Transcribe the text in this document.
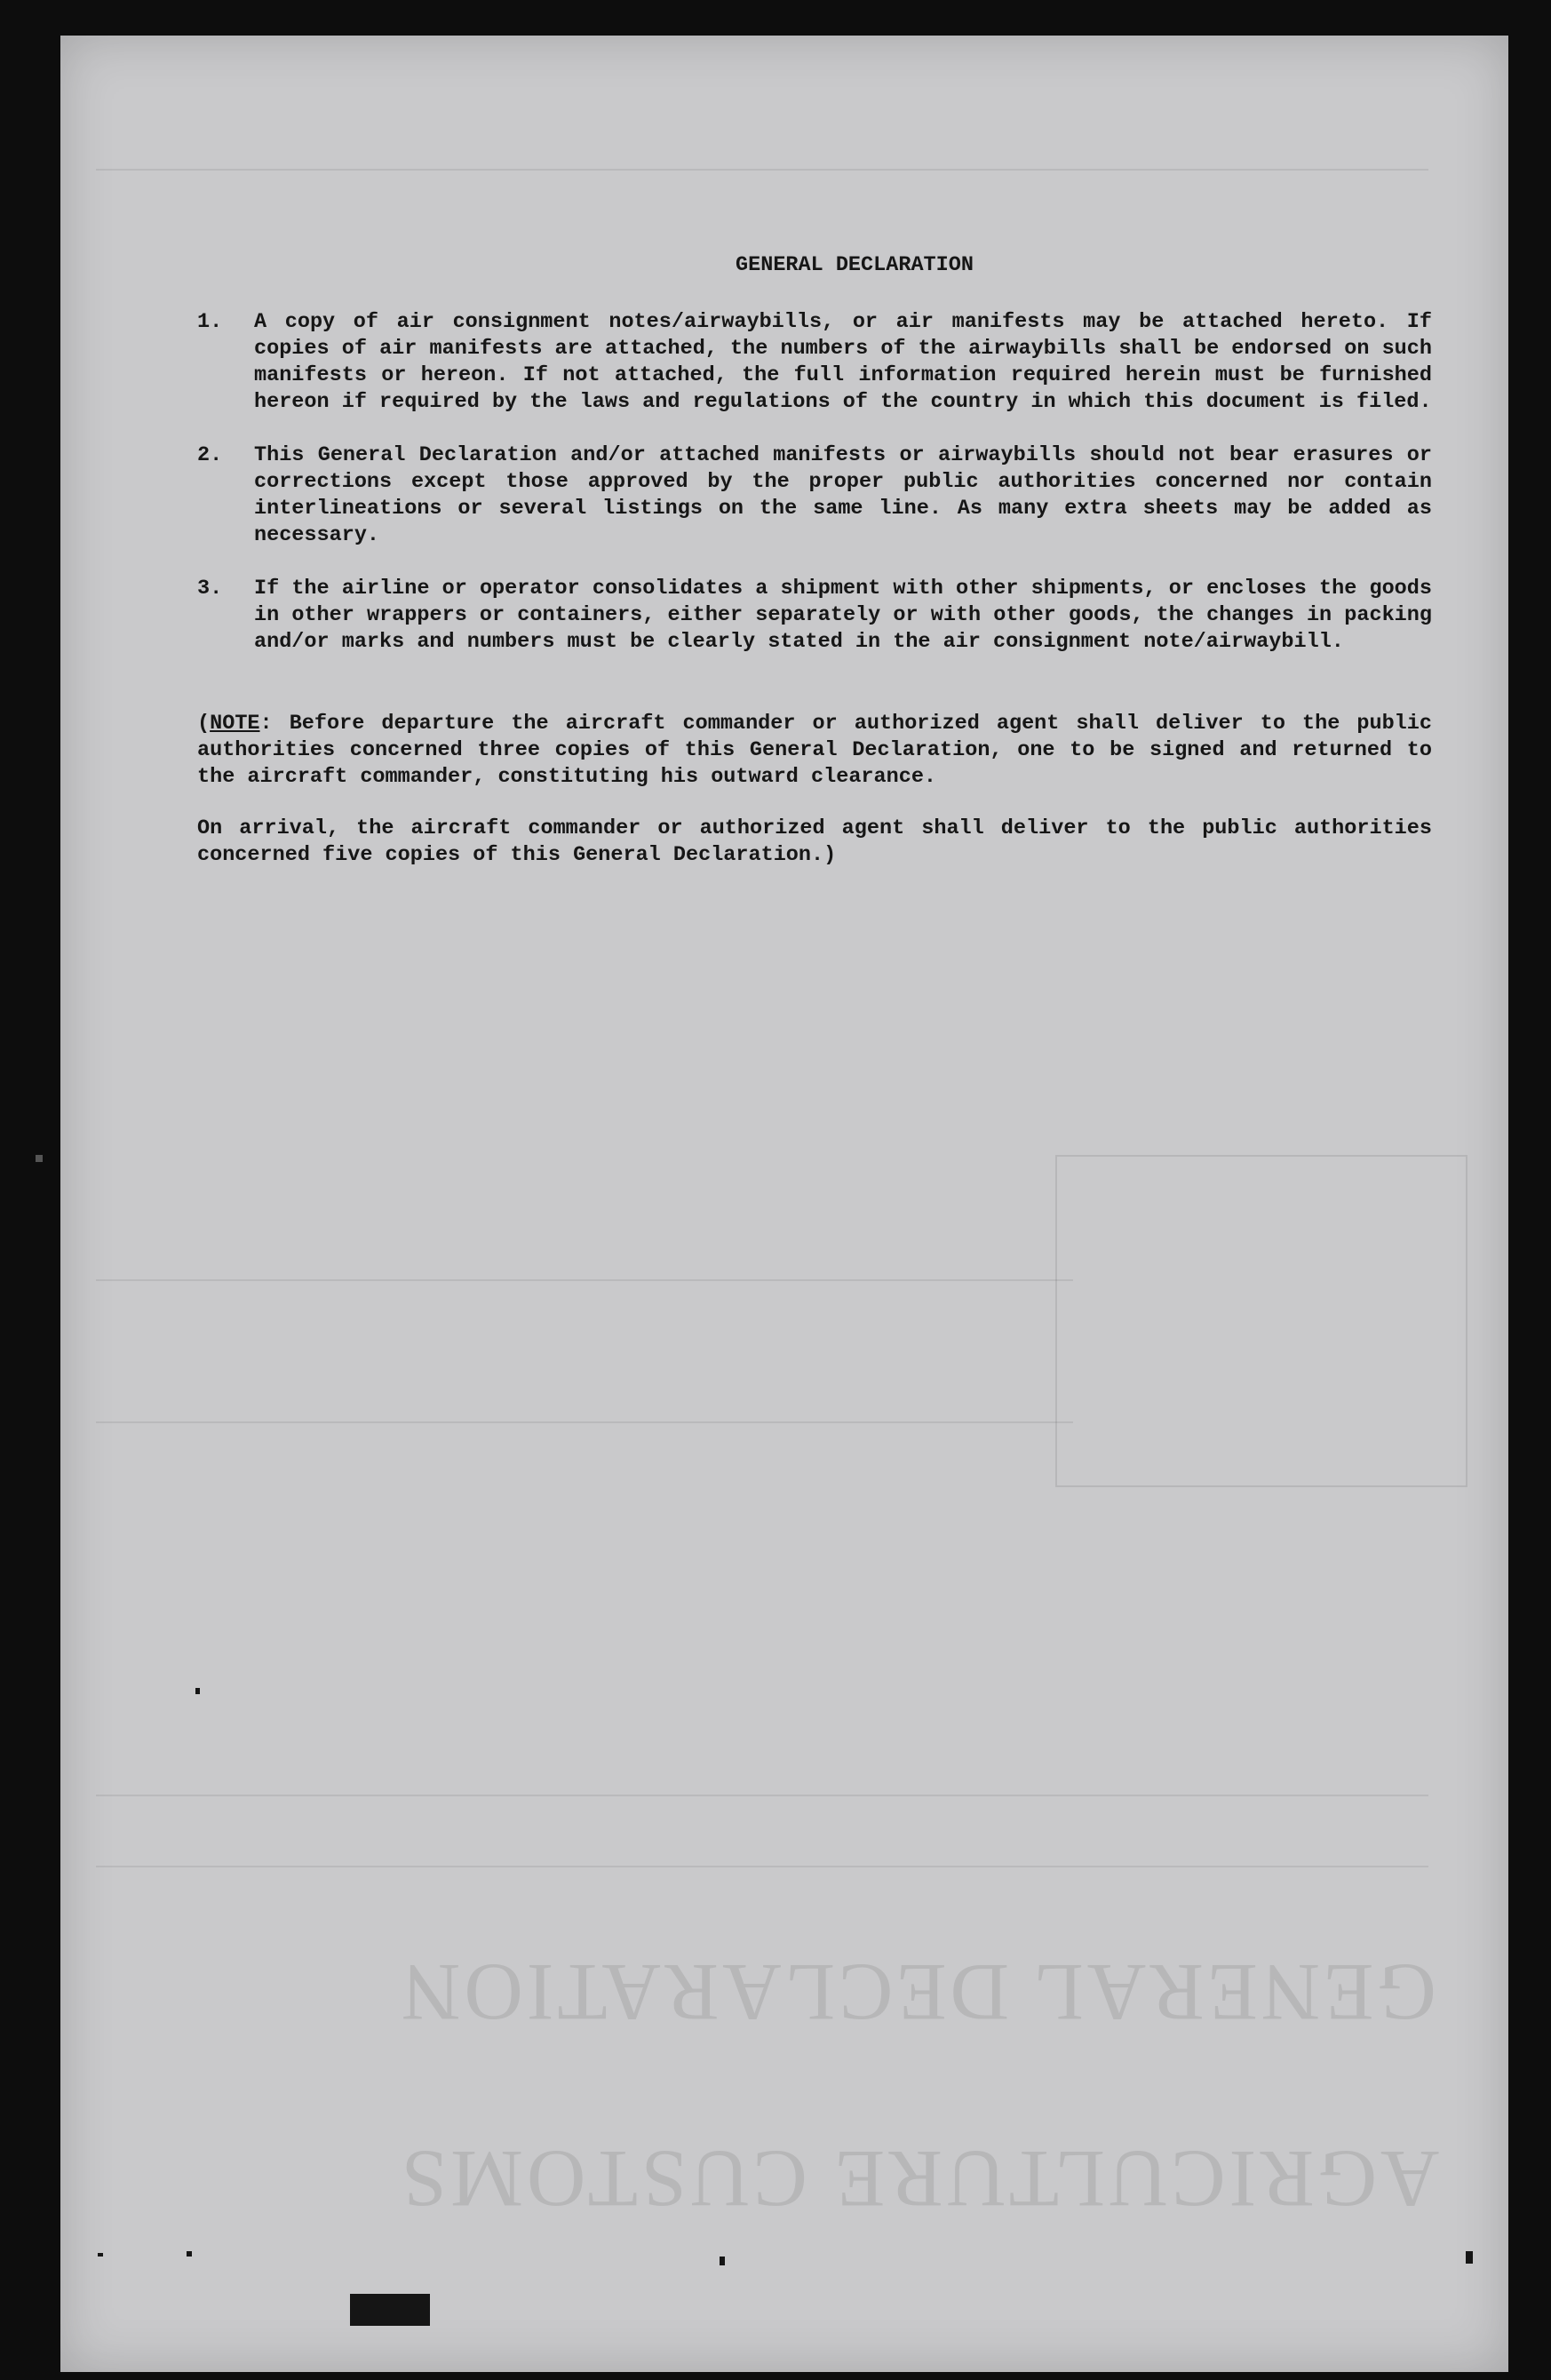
GENERAL DECLARATION
AGRICULTURE CUSTOMS
GENERAL DECLARATION
1.	A copy of air consignment notes/airwaybills, or air manifests may be attached hereto. If copies of air manifests are attached, the numbers of the airwaybills shall be endorsed on such manifests or hereon. If not attached, the full information required herein must be furnished hereon if required by the laws and regulations of the country in which this document is filed.
2.	This General Declaration and/or attached manifests or airwaybills should not bear erasures or corrections except those approved by the proper public authorities concerned nor contain interlineations or several listings on the same line. As many extra sheets may be added as necessary.
3.	If the airline or operator consolidates a shipment with other shipments, or encloses the goods in other wrappers or containers, either separately or with other goods, the changes in packing and/or marks and numbers must be clearly stated in the air consignment note/airwaybill.
(NOTE: Before departure the aircraft commander or authorized agent shall deliver to the public authorities concerned three copies of this General Declaration, one to be signed and returned to the aircraft commander, constituting his outward clearance.
On arrival, the aircraft commander or authorized agent shall deliver to the public authorities concerned five copies of this General Declaration.)
